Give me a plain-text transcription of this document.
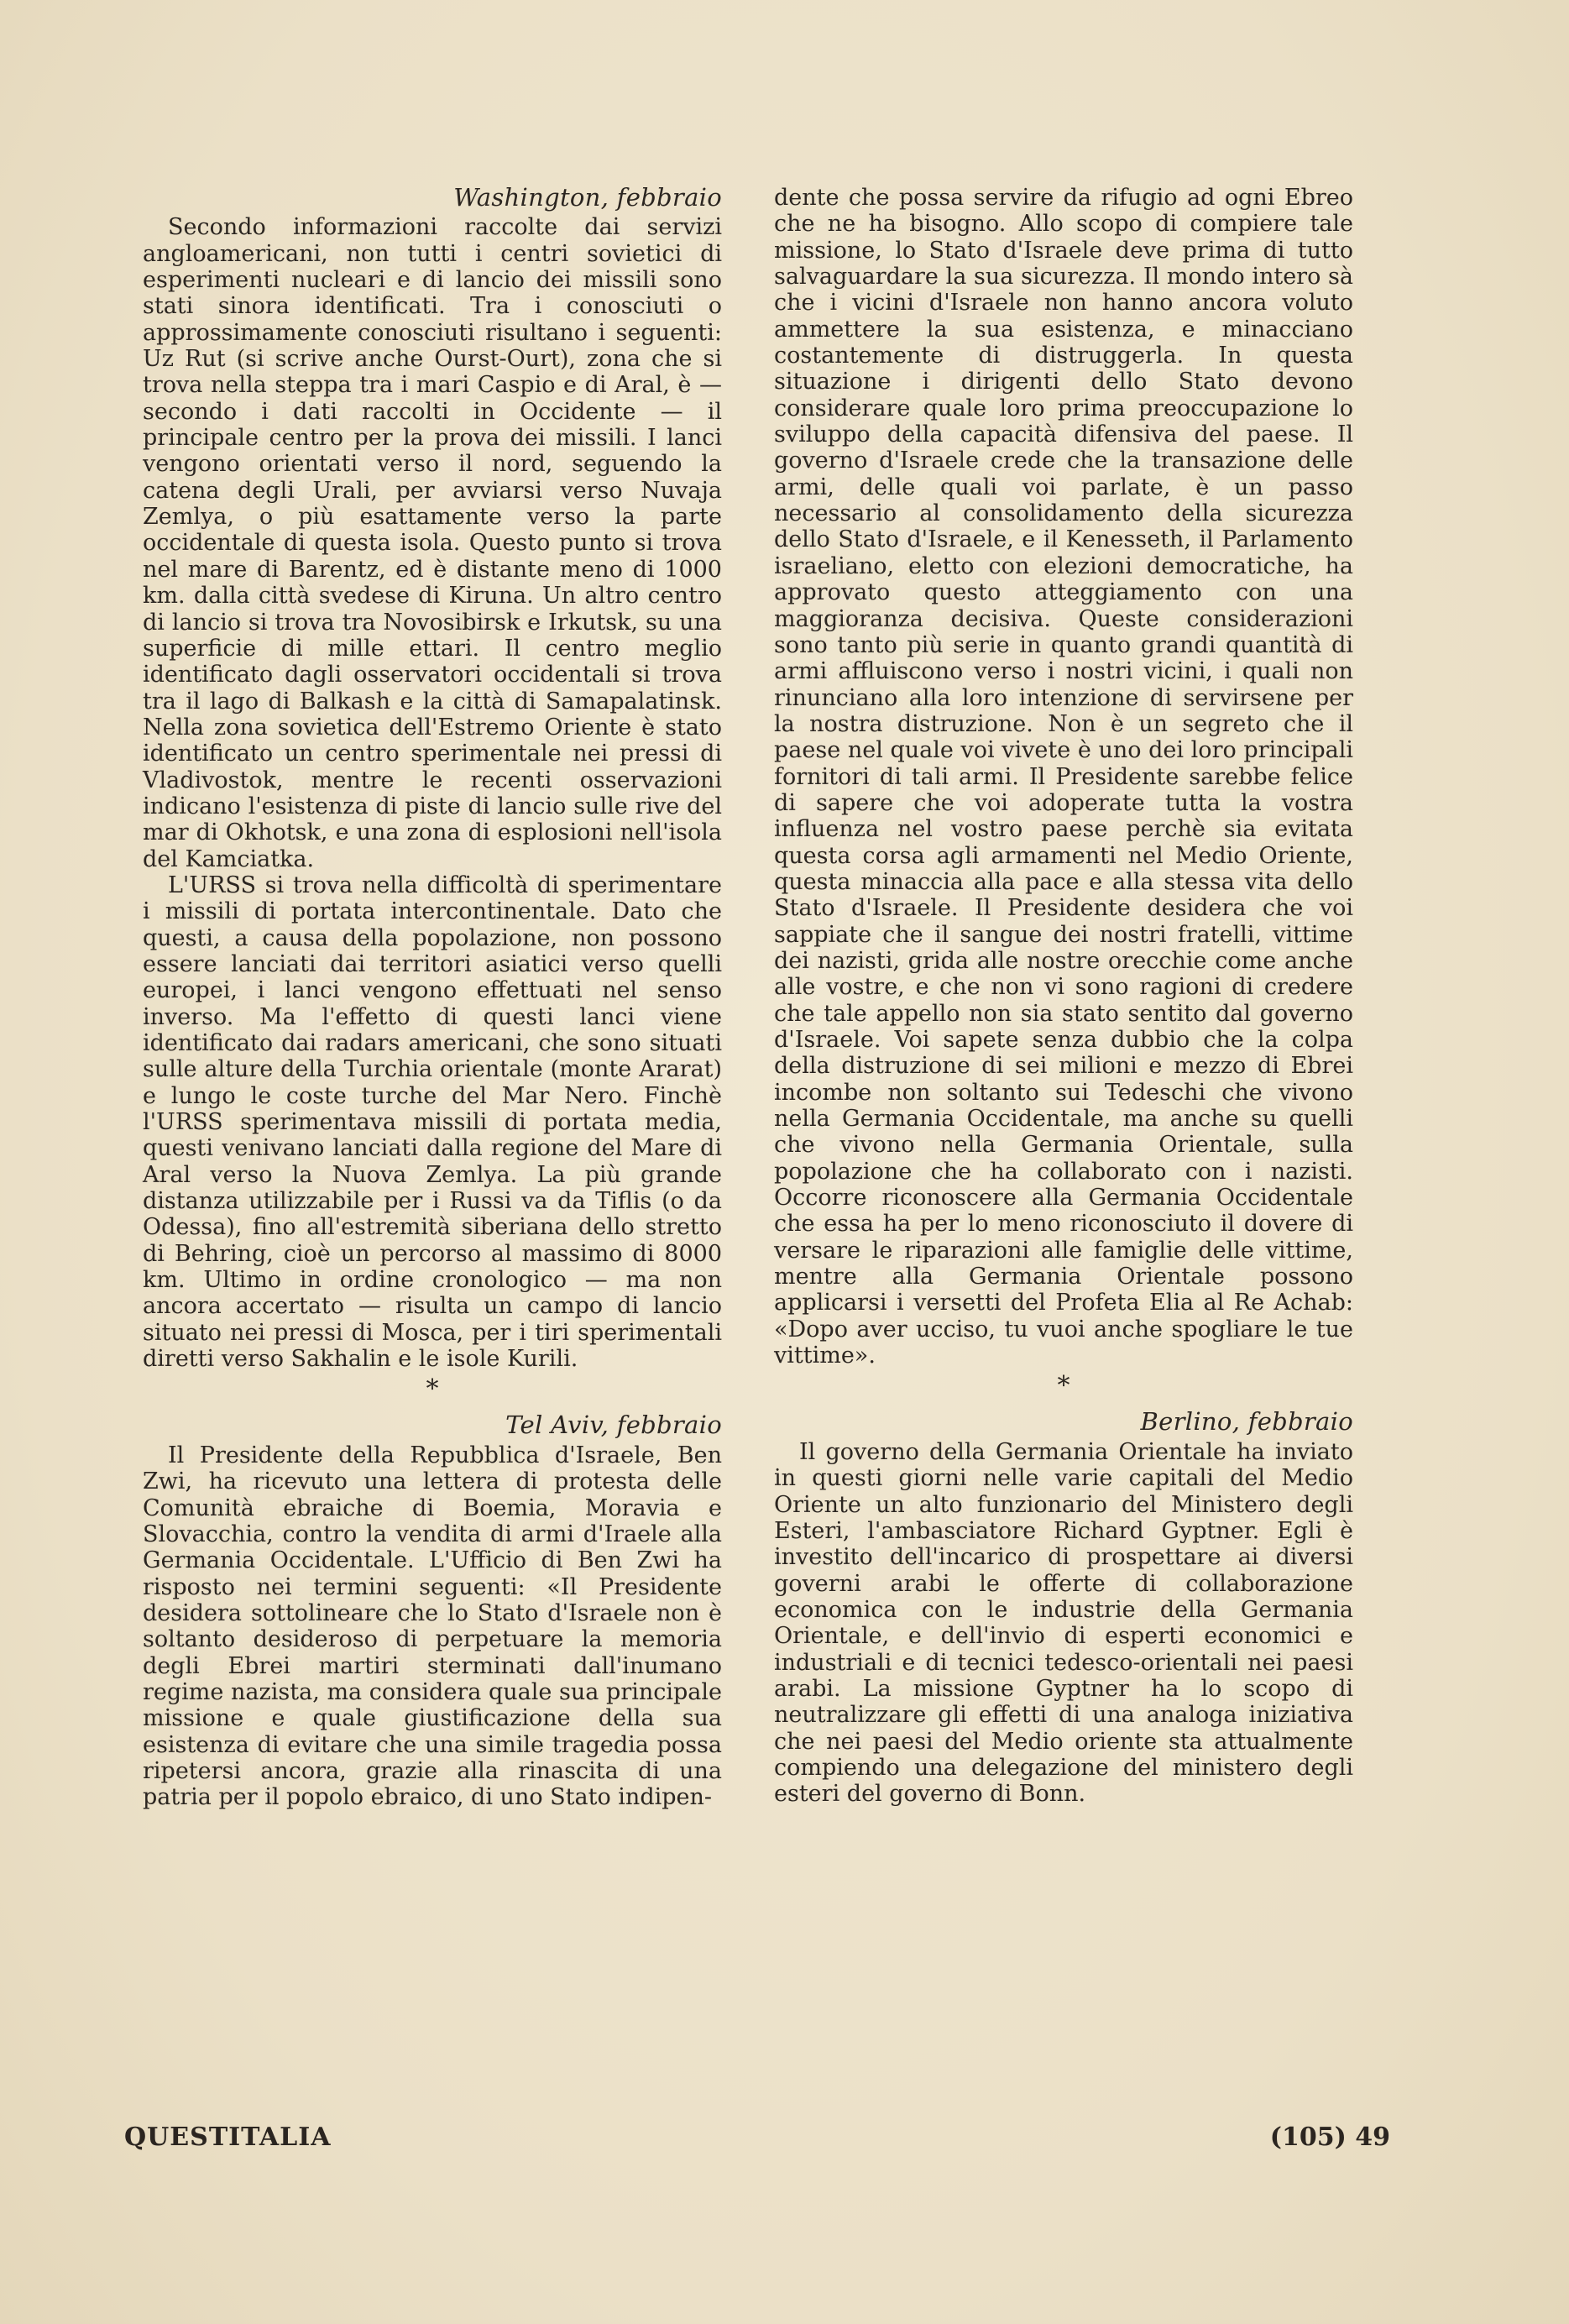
Washington, febbraio

Secondo informazioni raccolte dai servizi angloamericani, non tutti i centri sovietici di esperimenti nucleari e di lancio dei missili sono stati sinora identificati. Tra i conosciuti o approssimamente conosciuti risultano i seguenti: Uz Rut (si scrive anche Ourst-Ourt), zona che si trova nella steppa tra i mari Caspio e di Aral, è — secondo i dati raccolti in Occidente — il principale centro per la prova dei missili. I lanci vengono orientati verso il nord, seguendo la catena degli Urali, per avviarsi verso Nuvaja Zemlya, o più esattamente verso la parte occidentale di questa isola. Questo punto si trova nel mare di Barentz, ed è distante meno di 1000 km. dalla città svedese di Kiruna. Un altro centro di lancio si trova tra Novosibirsk e Irkutsk, su una superficie di mille ettari. Il centro meglio identificato dagli osservatori occidentali si trova tra il lago di Balkash e la città di Samapalatinsk. Nella zona sovietica dell'Estremo Oriente è stato identificato un centro sperimentale nei pressi di Vladivostok, mentre le recenti osservazioni indicano l'esistenza di piste di lancio sulle rive del mar di Okhotsk, e una zona di esplosioni nell'isola del Kamciatka.

L'URSS si trova nella difficoltà di sperimentare i missili di portata intercontinentale. Dato che questi, a causa della popolazione, non possono essere lanciati dai territori asiatici verso quelli europei, i lanci vengono effettuati nel senso inverso. Ma l'effetto di questi lanci viene identificato dai radars americani, che sono situati sulle alture della Turchia orientale (monte Ararat) e lungo le coste turche del Mar Nero. Finchè l'URSS sperimentava missili di portata media, questi venivano lanciati dalla regione del Mare di Aral verso la Nuova Zemlya. La più grande distanza utilizzabile per i Russi va da Tiflis (o da Odessa), fino all'estremità siberiana dello stretto di Behring, cioè un percorso al massimo di 8000 km. Ultimo in ordine cronologico — ma non ancora accertato — risulta un campo di lancio situato nei pressi di Mosca, per i tiri sperimentali diretti verso Sakhalin e le isole Kurili.

*
Tel Aviv, febbraio

Il Presidente della Repubblica d'Israele, Ben Zwi, ha ricevuto una lettera di protesta delle Comunità ebraiche di Boemia, Moravia e Slovacchia, contro la vendita di armi d'Iraele alla Germania Occidentale. L'Ufficio di Ben Zwi ha risposto nei termini seguenti: «Il Presidente desidera sottolineare che lo Stato d'Israele non è soltanto desideroso di perpetuare la memoria degli Ebrei martiri sterminati dall'inumano regime nazista, ma considera quale sua principale missione e quale giustificazione della sua esistenza di evitare che una simile tragedia possa ripetersi ancora, grazie alla rinascita di una patria per il popolo ebraico, di uno Stato indipen-

dente che possa servire da rifugio ad ogni Ebreo che ne ha bisogno. Allo scopo di compiere tale missione, lo Stato d'Israele deve prima di tutto salvaguardare la sua sicurezza. Il mondo intero sà che i vicini d'Israele non hanno ancora voluto ammettere la sua esistenza, e minacciano costantemente di distruggerla. In questa situazione i dirigenti dello Stato devono considerare quale loro prima preoccupazione lo sviluppo della capacità difensiva del paese. Il governo d'Israele crede che la transazione delle armi, delle quali voi parlate, è un passo necessario al consolidamento della sicurezza dello Stato d'Israele, e il Kenesseth, il Parlamento israeliano, eletto con elezioni democratiche, ha approvato questo atteggiamento con una maggioranza decisiva. Queste considerazioni sono tanto più serie in quanto grandi quantità di armi affluiscono verso i nostri vicini, i quali non rinunciano alla loro intenzione di servirsene per la nostra distruzione. Non è un segreto che il paese nel quale voi vivete è uno dei loro principali fornitori di tali armi. Il Presidente sarebbe felice di sapere che voi adoperate tutta la vostra influenza nel vostro paese perchè sia evitata questa corsa agli armamenti nel Medio Oriente, questa minaccia alla pace e alla stessa vita dello Stato d'Israele. Il Presidente desidera che voi sappiate che il sangue dei nostri fratelli, vittime dei nazisti, grida alle nostre orecchie come anche alle vostre, e che non vi sono ragioni di credere che tale appello non sia stato sentito dal governo d'Israele. Voi sapete senza dubbio che la colpa della distruzione di sei milioni e mezzo di Ebrei incombe non soltanto sui Tedeschi che vivono nella Germania Occidentale, ma anche su quelli che vivono nella Germania Orientale, sulla popolazione che ha collaborato con i nazisti. Occorre riconoscere alla Germania Occidentale che essa ha per lo meno riconosciuto il dovere di versare le riparazioni alle famiglie delle vittime, mentre alla Germania Orientale possono applicarsi i versetti del Profeta Elia al Re Achab: «Dopo aver ucciso, tu vuoi anche spogliare le tue vittime».

*
Berlino, febbraio

Il governo della Germania Orientale ha inviato in questi giorni nelle varie capitali del Medio Oriente un alto funzionario del Ministero degli Esteri, l'ambasciatore Richard Gyptner. Egli è investito dell'incarico di prospettare ai diversi governi arabi le offerte di collaborazione economica con le industrie della Germania Orientale, e dell'invio di esperti economici e industriali e di tecnici tedesco-orientali nei paesi arabi. La missione Gyptner ha lo scopo di neutralizzare gli effetti di una analoga iniziativa che nei paesi del Medio oriente sta attualmente compiendo una delegazione del ministero degli esteri del governo di Bonn.

QUESTITALIA	(105) 49
